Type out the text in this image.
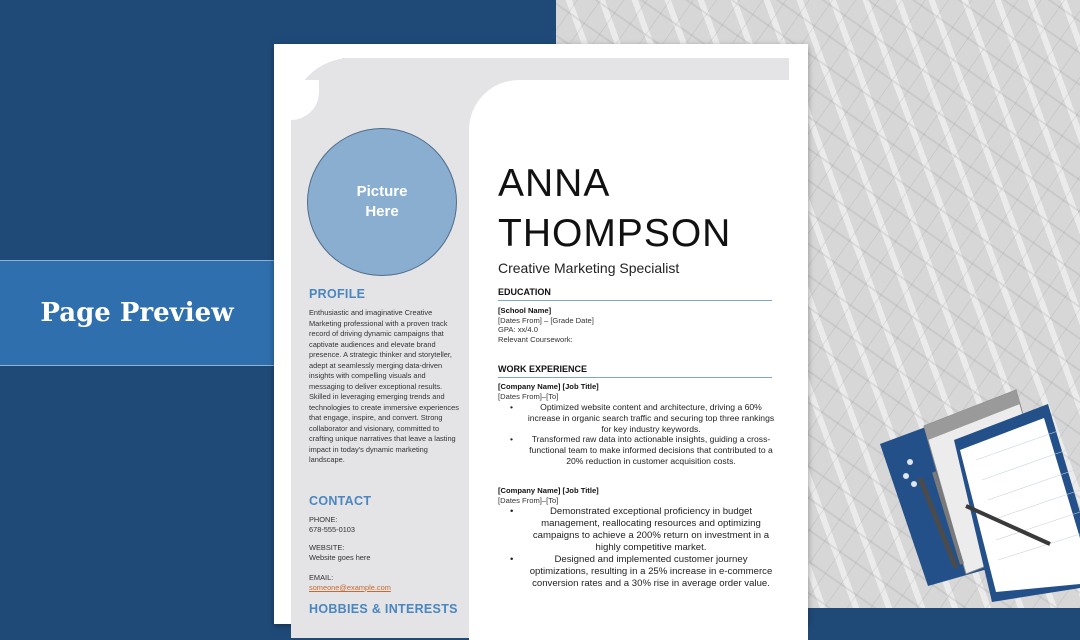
Page Preview
Picture Here
PROFILE
Enthusiastic and imaginative Creative Marketing professional with a proven track record of driving dynamic campaigns that captivate audiences and elevate brand presence. A strategic thinker and storyteller, adept at seamlessly merging data-driven insights with compelling visuals and messaging to deliver exceptional results. Skilled in leveraging emerging trends and technologies to create immersive experiences that engage, inspire, and convert. Strong collaborator and visionary, committed to crafting unique narratives that leave a lasting impact in today's dynamic marketing landscape.
CONTACT
PHONE:
678-555-0103
WEBSITE:
Website goes here
EMAIL:
someone@example.com
HOBBIES & INTERESTS
ANNA
THOMPSON
Creative Marketing Specialist
EDUCATION
[School Name]
[Dates From] – [Grade Date]
GPA: xx/4.0
Relevant Coursework:
WORK EXPERIENCE
[Company Name] [Job Title]
[Dates From]–[To]
• Optimized website content and architecture, driving a 60% increase in organic search traffic and securing top three rankings for key industry keywords.
• Transformed raw data into actionable insights, guiding a cross-functional team to make informed decisions that contributed to a 20% reduction in customer acquisition costs.
[Company Name] [Job Title]
[Dates From]–[To]
• Demonstrated exceptional proficiency in budget management, reallocating resources and optimizing campaigns to achieve a 200% return on investment in a highly competitive market.
• Designed and implemented customer journey optimizations, resulting in a 25% increase in e-commerce conversion rates and a 30% rise in average order value.
